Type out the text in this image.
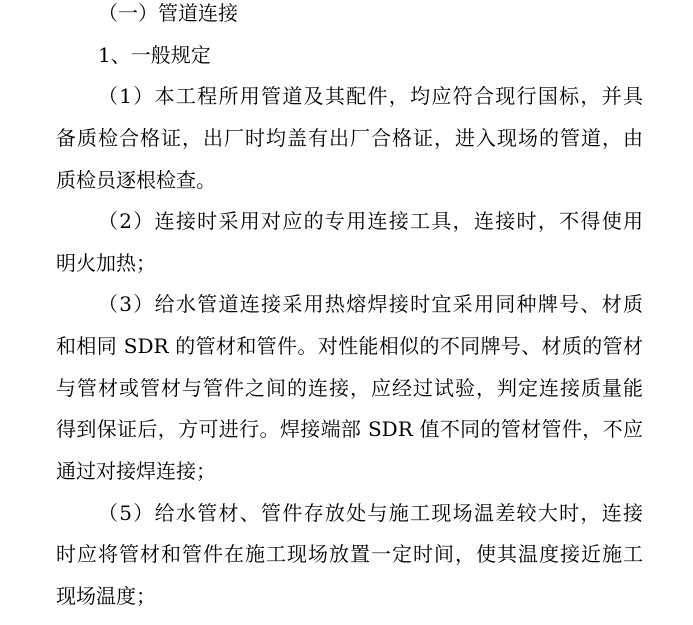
（一）管道连接
1、一般规定
（1）本工程所用管道及其配件，均应符合现行国标，并具
备质检合格证，出厂时均盖有出厂合格证，进入现场的管道，由
质检员逐根检查。
（2）连接时采用对应的专用连接工具，连接时，不得使用
明火加热；
（3）给水管道连接采用热熔焊接时宜采用同种牌号、材质
和相同 SDR 的管材和管件。对性能相似的不同牌号、材质的管材
与管材或管材与管件之间的连接，应经过试验，判定连接质量能
得到保证后，方可进行。焊接端部 SDR 值不同的管材管件，不应
通过对接焊连接；
（5）给水管材、管件存放处与施工现场温差较大时，连接
时应将管材和管件在施工现场放置一定时间，使其温度接近施工
现场温度；
